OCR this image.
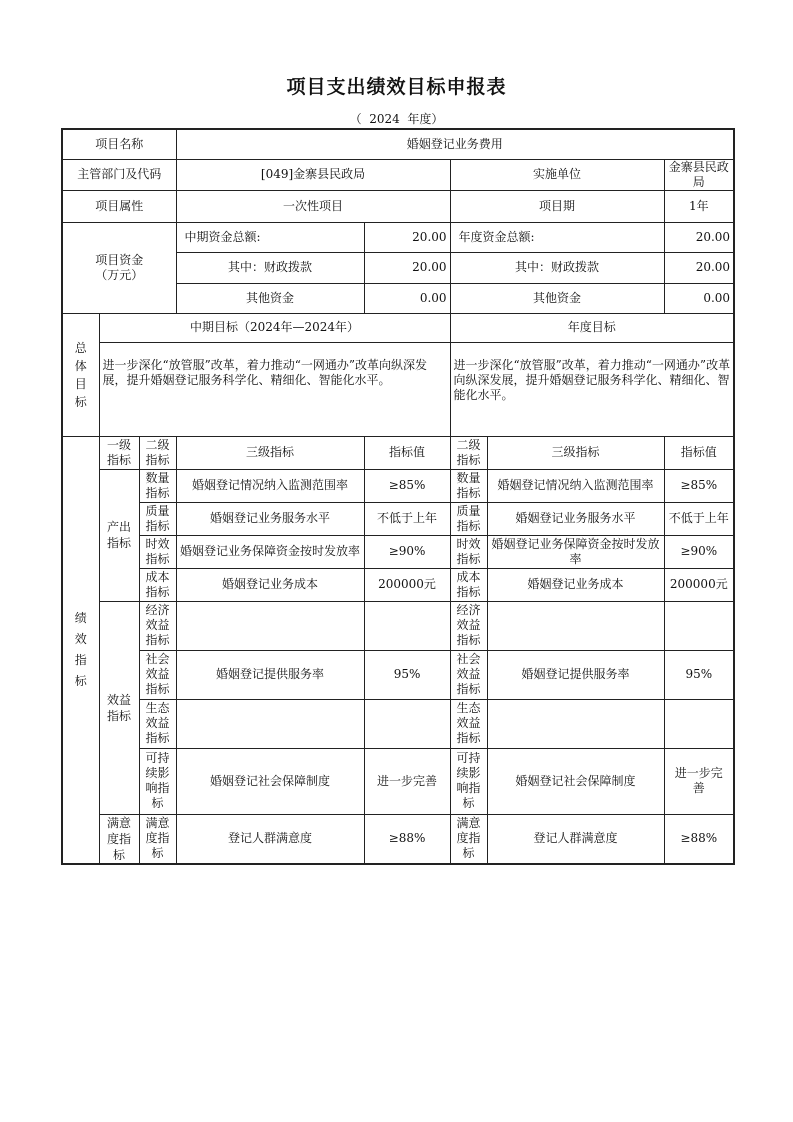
项目支出绩效目标申报表
（  2024  年度）
项目名称			婚姻登记业务费用				
主管部门及代码			[049]金寨县民政局		实施单位		金寨县民政局
项目属性			一次性项目		项目期		1年
项目资金（万元）			中期资金总额:	20.00	年度资金总额:		20.00
			其中：财政拨款	20.00	其中：财政拨款		20.00
			其他资金	0.00	其他资金		0.00
总体目标	中期目标（2024年—2024年）				年度目标		
	进一步深化“放管服”改革，着力推动“一网通办”改革向纵深发展，提升婚姻登记服务科学化、精细化、智能化水平。				进一步深化“放管服”改革，着力推动“一网通办”改革向纵深发展，提升婚姻登记服务科学化、精细化、智能化水平。		
绩效指标	一级指标	二级指标	三级指标	指标值	二级指标	三级指标	指标值
	产出指标	数量指标	婚姻登记情况纳入监测范围率	≥85%	数量指标	婚姻登记情况纳入监测范围率	≥85%
		质量指标	婚姻登记业务服务水平	不低于上年	质量指标	婚姻登记业务服务水平	不低于上年
		时效指标	婚姻登记业务保障资金按时发放率	≥90%	时效指标	婚姻登记业务保障资金按时发放率	≥90%
		成本指标	婚姻登记业务成本	200000元	成本指标	婚姻登记业务成本	200000元
	效益指标	经济效益指标			经济效益指标		
		社会效益指标	婚姻登记提供服务率	95%	社会效益指标	婚姻登记提供服务率	95%
		生态效益指标			生态效益指标		
		可持续影响指标	婚姻登记社会保障制度	进一步完善	可持续影响指标	婚姻登记社会保障制度	进一步完善
	满意度指标	满意度指标	登记人群满意度	≥88%	满意度指标	登记人群满意度	≥88%
